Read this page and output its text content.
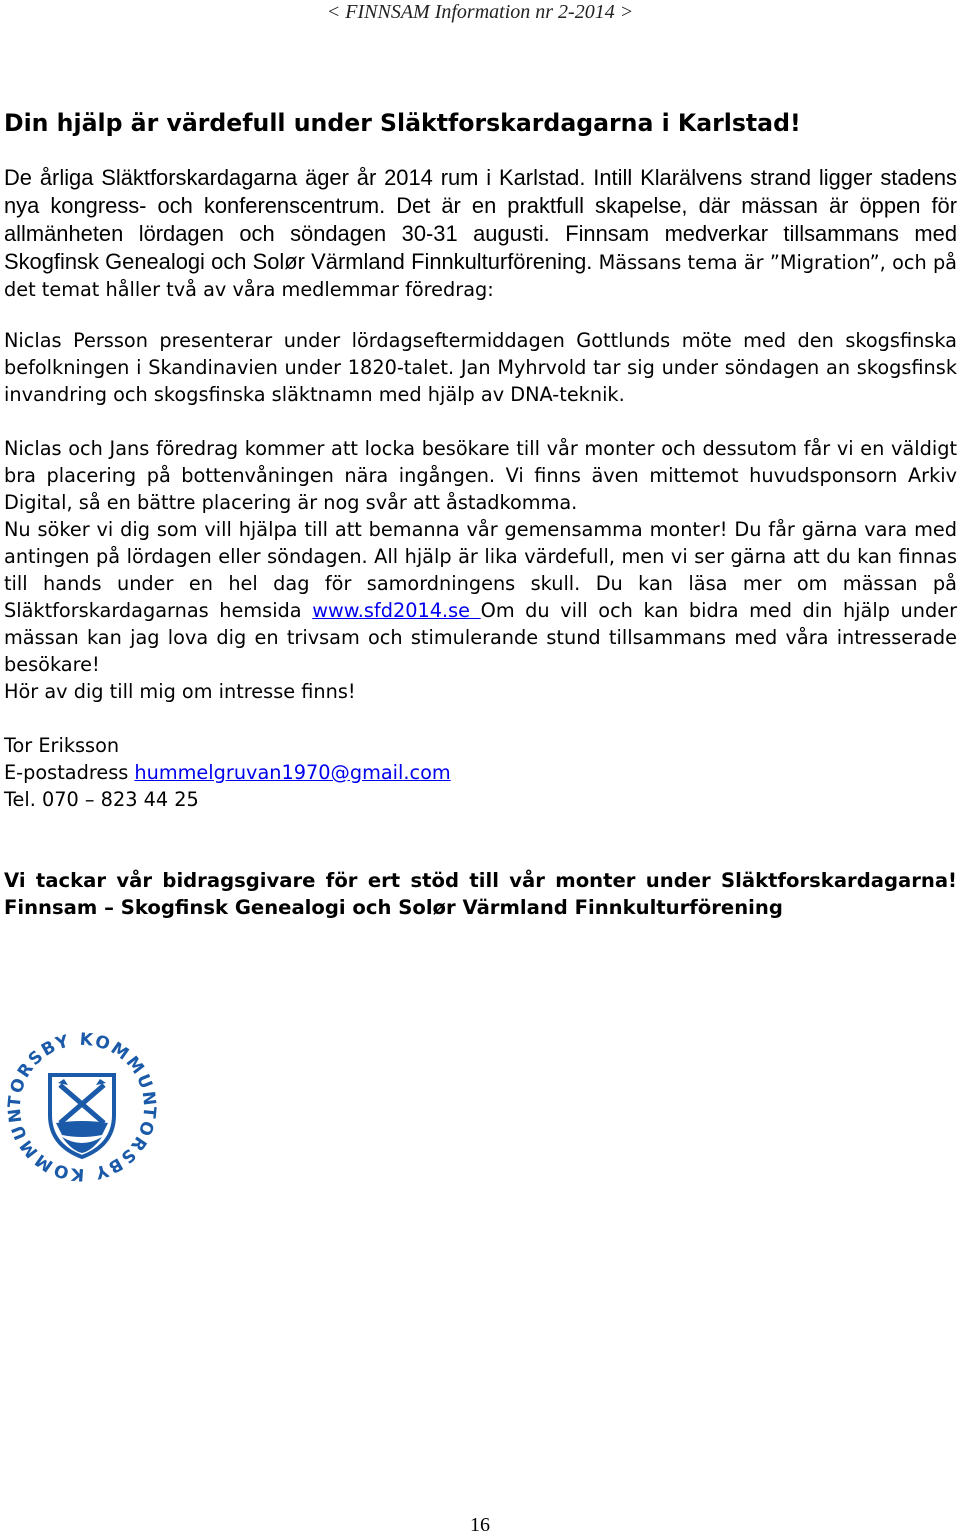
< FINNSAM Information nr 2-2014 >
Din hjälp är värdefull under Släktforskardagarna i Karlstad!
De årliga Släktforskardagarna äger år 2014 rum i Karlstad. Intill Klarälvens strand ligger stadens nya kongress- och konferenscentrum. Det är en praktfull skapelse, där mässan är öppen för allmänheten lördagen och söndagen 30-31 augusti. Finnsam medverkar tillsammans med Skogfinsk Genealogi och Solør Värmland Finnkulturförening. Mässans tema är ”Migration”, och på det temat håller två av våra medlemmar föredrag:
Niclas Persson presenterar under lördagseftermiddagen Gottlunds möte med den skogsfinska befolkningen i Skandinavien under 1820-talet. Jan Myhrvold tar sig under söndagen an skogsfinsk invandring och skogsfinska släktnamn med hjälp av DNA-teknik.

Niclas och Jans föredrag kommer att locka besökare till vår monter och dessutom får vi en väldigt bra placering på bottenvåningen nära ingången. Vi finns även mittemot huvudsponsorn Arkiv Digital, så en bättre placering är nog svår att åstadkomma.

Nu söker vi dig som vill hjälpa till att bemanna vår gemensamma monter! Du får gärna vara med antingen på lördagen eller söndagen. All hjälp är lika värdefull, men vi ser gärna att du kan finnas till hands under en hel dag för samordningens skull. Du kan läsa mer om mässan på Släktforskardagarnas hemsida www.sfd2014.se Om du vill och kan bidra med din hjälp under mässan kan jag lova dig en trivsam och stimulerande stund tillsammans med våra intresserade besökare!

Hör av dig till mig om intresse finns!

Tor Eriksson
E-postadress hummelgruvan1970@gmail.com
Tel. 070 – 823 44 25

Vi tackar vår bidragsgivare för ert stöd till vår monter under Släktforskardagarna! Finnsam – Skogfinsk Genealogi och Solør Värmland Finnkulturförening

TORSBY KOMMUN
TORSBY KOMMUN
16
